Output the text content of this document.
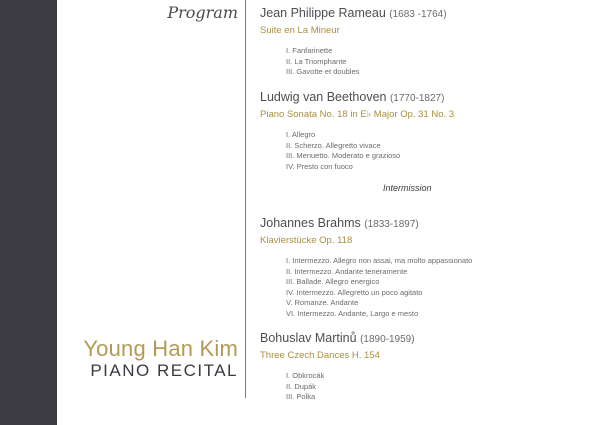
Program
Young Han Kim
PIANO RECITAL
Jean Philippe Rameau (1683 -1764)
Suite en La Mineur
I. Fanfarinette
II. La Triomphante
III. Gavotte et doubles
Ludwig van Beethoven (1770-1827)
Piano Sonata No. 18 in E♭ Major Op. 31 No. 3
I. Allegro
II. Scherzo. Allegretto vivace
III. Menuetto. Moderato e grazioso
IV. Presto con fuoco
Intermission
Johannes Brahms (1833-1897)
Klavierstücke Op. 118
I. Intermezzo. Allegro non assai, ma molto appassionato
II. Intermezzo. Andante teneramente
III. Ballade. Allegro energico
IV. Intermezzo. Allegretto un poco agitato
V. Romanze. Andante
VI. Intermezzo. Andante, Largo e mesto
Bohuslav Martinů (1890-1959)
Three Czech Dances H. 154
I. Obkrocák
II. Dupák
III. Polka
